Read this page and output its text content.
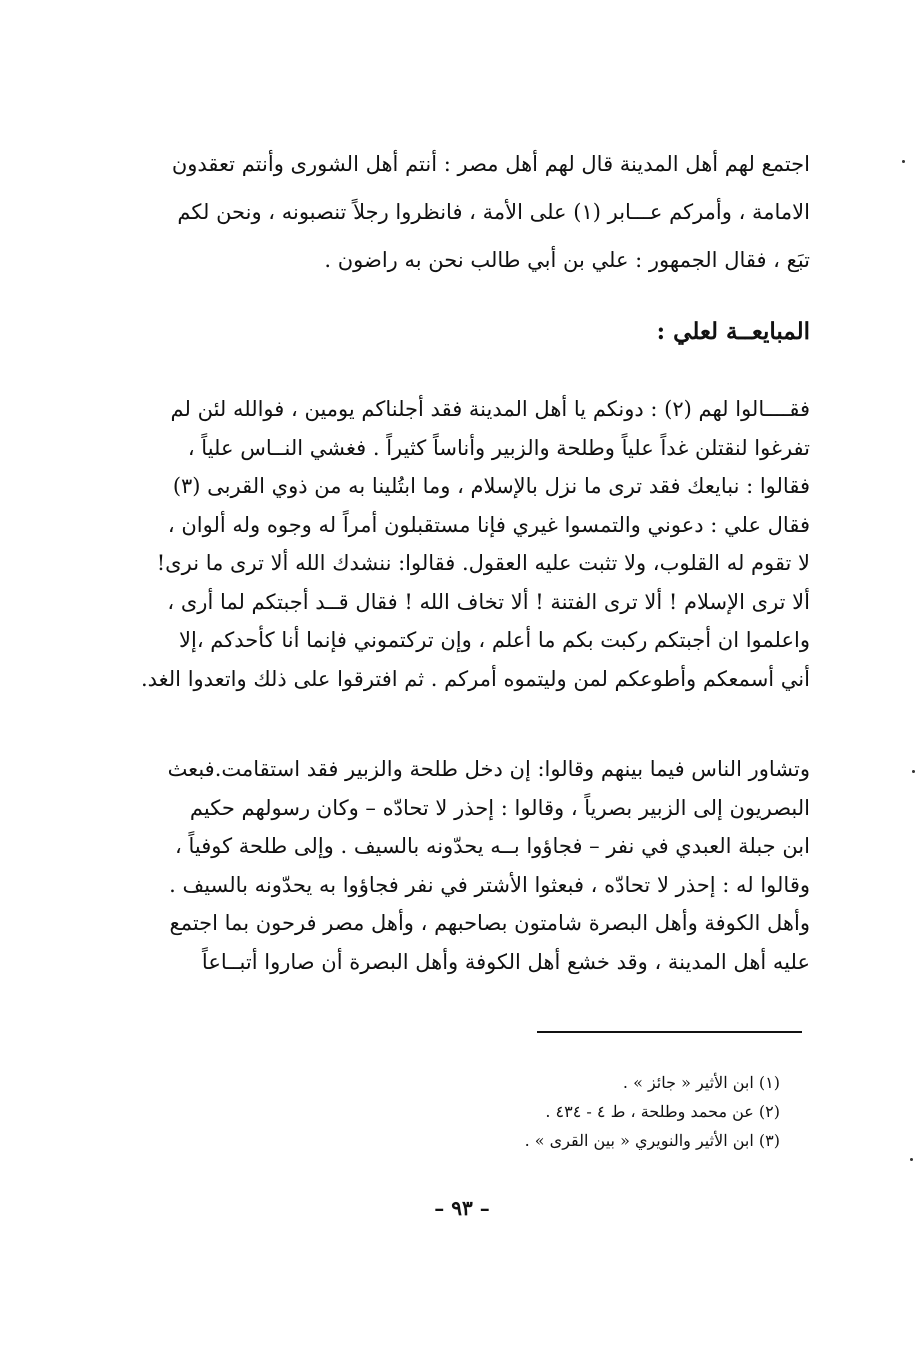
اجتمع لهم أهل المدينة قال لهم أهل مصر : أنتم أهل الشورى وأنتم تعقدون
الامامة ، وأمركم عـــابر (١) على الأمة ، فانظروا رجلاً تنصبونه ، ونحن لكم
تبَع ، فقال الجمهور : علي بن أبي طالب نحن به راضون .
المبايعــة لعلي :
فقــــالوا لهم (٢) : دونكم يا أهل المدينة فقد أجلناكم يومين ، فوالله لئن لم
تفرغوا لنقتلن غداً علياً وطلحة والزبير وأناساً كثيراً . فغشي النــاس علياً ،
فقالوا : نبايعك فقد ترى ما نزل بالإسلام ، وما ابتُلينا به من ذوي القربى (٣)
فقال علي : دعوني والتمسوا غيري فإنا مستقبلون أمراً له وجوه وله ألوان ،
لا تقوم له القلوب، ولا تثبت عليه العقول. فقالوا: ننشدك الله ألا ترى ما نرى!
ألا ترى الإسلام ! ألا ترى الفتنة ! ألا تخاف الله ! فقال قــد أجبتكم لما أرى ،
واعلموا ان أجبتكم ركبت بكم ما أعلم ، وإن تركتموني فإنما أنا كأحدكم ،إلا
أني أسمعكم وأطوعكم لمن وليتموه أمركم . ثم افترقوا على ذلك واتعدوا الغد.
وتشاور الناس فيما بينهم وقالوا: إن دخل طلحة والزبير فقد استقامت.فبعث
البصريون إلى الزبير بصرياً ، وقالوا : إحذر لا تحادّه – وكان رسولهم حكيم
ابن جبلة العبدي في نفر – فجاؤوا بــه يحدّونه بالسيف . وإلى طلحة كوفياً ،
وقالوا له : إحذر لا تحادّه ، فبعثوا الأشتر في نفر فجاؤوا به يحدّونه بالسيف .
وأهل الكوفة وأهل البصرة شامتون بصاحبهم ، وأهل مصر فرحون بما اجتمع
عليه أهل المدينة ، وقد خشع أهل الكوفة وأهل البصرة أن صاروا أتبــاعاً
(١) ابن الأثير « جائز » .
(٢) عن محمد وطلحة ، ط ٤ - ٤٣٤ .
(٣) ابن الأثير والنويري « بين القرى » .
– ٩٣ –
